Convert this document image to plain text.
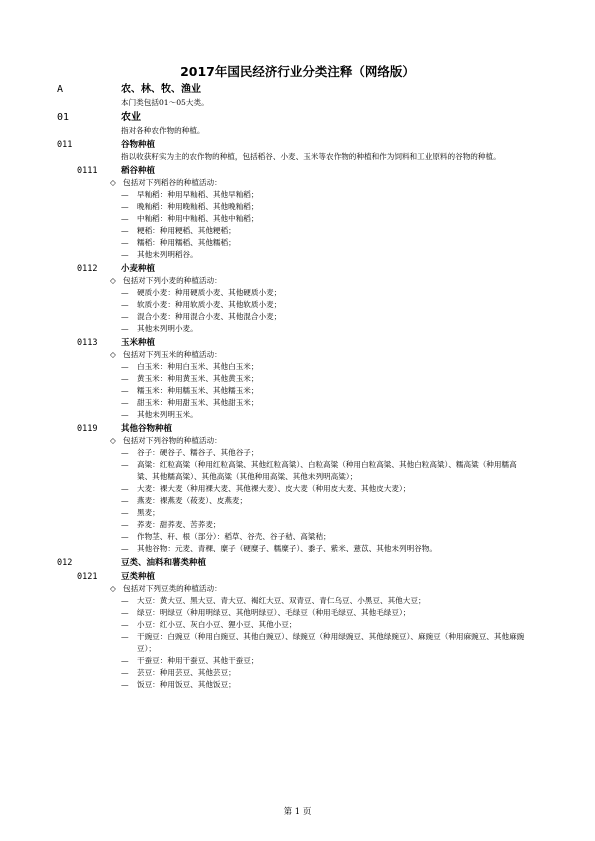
2017年国民经济行业分类注释（网络版）
A	农、林、牧、渔业
本门类包括01～05大类。
01	农业
指对各种农作物的种植。
011	谷物种植
指以收获籽实为主的农作物的种植，包括稻谷、小麦、玉米等农作物的种植和作为饲料和工业原料的谷物的种植。
0111	稻谷种植
◇ 包括对下列稻谷的种植活动：
— 早籼稻：种用早籼稻、其他早籼稻；
— 晚籼稻：种用晚籼稻、其他晚籼稻；
— 中籼稻：种用中籼稻、其他中籼稻；
— 粳稻：种用粳稻、其他粳稻；
— 糯稻：种用糯稻、其他糯稻；
— 其他未列明稻谷。
0112	小麦种植
◇ 包括对下列小麦的种植活动：
— 硬质小麦：种用硬质小麦、其他硬质小麦；
— 软质小麦：种用软质小麦、其他软质小麦；
— 混合小麦：种用混合小麦、其他混合小麦；
— 其他未列明小麦。
0113	玉米种植
◇ 包括对下列玉米的种植活动：
— 白玉米：种用白玉米、其他白玉米；
— 黄玉米：种用黄玉米、其他黄玉米；
— 糯玉米：种用糯玉米、其他糯玉米；
— 甜玉米：种用甜玉米、其他甜玉米；
— 其他未列明玉米。
0119	其他谷物种植
◇ 包括对下列谷物的种植活动：
— 谷子：硬谷子、糯谷子、其他谷子；
— 高粱：红粒高粱（种用红粒高粱、其他红粒高粱）、白粒高粱（种用白粒高粱、其他白粒高粱）、糯高粱（种用糯高粱、其他糯高粱）、其他高粱（其他种用高粱、其他未列明高粱）；
— 大麦：裸大麦（种用裸大麦、其他裸大麦）、皮大麦（种用皮大麦、其他皮大麦）；
— 燕麦：裸燕麦（莜麦）、皮燕麦；
— 黑麦；
— 荞麦：甜荞麦、苦荞麦；
— 作物茎、秆、根（部分）：稻草、谷壳、谷子秸、高粱秸；
— 其他谷物：元麦、青稞、糜子（硬糜子、糯糜子）、黍子、紫米、薏苡、其他未列明谷物。
012	豆类、油料和薯类种植
0121	豆类种植
◇ 包括对下列豆类的种植活动：
— 大豆：黄大豆、黑大豆、青大豆、褐红大豆、双青豆、青仁乌豆、小黑豆、其他大豆；
— 绿豆：明绿豆（种用明绿豆、其他明绿豆）、毛绿豆（种用毛绿豆、其他毛绿豆）；
— 小豆：红小豆、灰白小豆、狸小豆、其他小豆；
— 干豌豆：白豌豆（种用白豌豆、其他白豌豆）、绿豌豆（种用绿豌豆、其他绿豌豆）、麻豌豆（种用麻豌豆、其他麻豌豆）；
— 干蚕豆：种用干蚕豆、其他干蚕豆；
— 芸豆：种用芸豆、其他芸豆；
— 饭豆：种用饭豆、其他饭豆；
第 1 页
